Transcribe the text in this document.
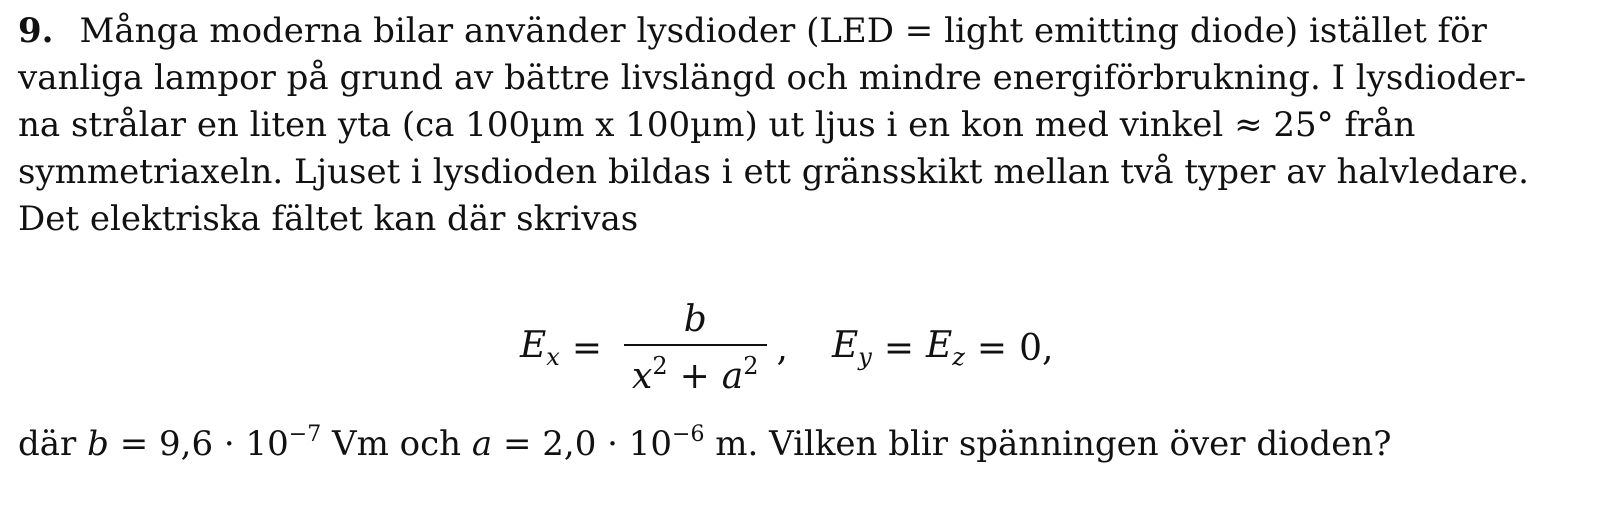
9. Många moderna bilar använder lysdioder (LED = light emitting diode) istället för
vanliga lampor på grund av bättre livslängd och mindre energiförbrukning. I lysdioder-
na strålar en liten yta (ca 100µm x 100µm) ut ljus i en kon med vinkel ≈ 25° från
symmetriaxeln. Ljuset i lysdioden bildas i ett gränsskikt mellan två typer av halvledare.
Det elektriska fältet kan där skrivas
$E_x = \frac{b}{x^2 + a^2}$ , $E_y = E_z = 0$,
där $b = 9,6 \cdot 10^{-7}$ Vm och $a = 2,0 \cdot 10^{-6}$ m. Vilken blir spänningen över dioden?
